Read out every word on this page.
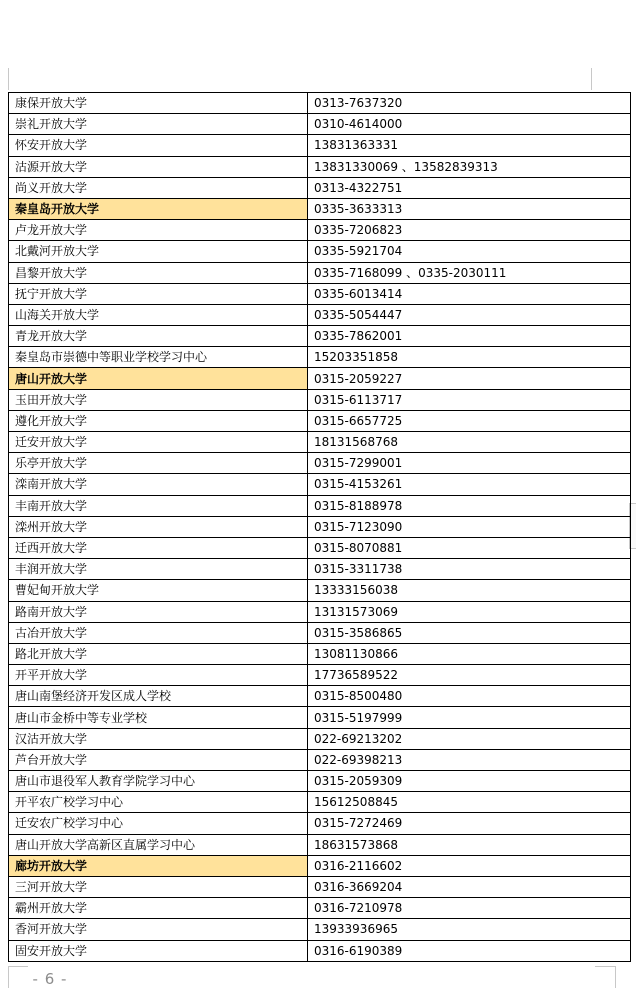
康保开放大学	0313-7637320
崇礼开放大学	0310-4614000
怀安开放大学	13831363331
沽源开放大学	13831330069 、13582839313
尚义开放大学	0313-4322751
秦皇岛开放大学	0335-3633313
卢龙开放大学	0335-7206823
北戴河开放大学	0335-5921704
昌黎开放大学	0335-7168099 、0335-2030111
抚宁开放大学	0335-6013414
山海关开放大学	0335-5054447
青龙开放大学	0335-7862001
秦皇岛市崇德中等职业学校学习中心	15203351858
唐山开放大学	0315-2059227
玉田开放大学	0315-6113717
遵化开放大学	0315-6657725
迁安开放大学	18131568768
乐亭开放大学	0315-7299001
滦南开放大学	0315-4153261
丰南开放大学	0315-8188978
滦州开放大学	0315-7123090
迁西开放大学	0315-8070881
丰润开放大学	0315-3311738
曹妃甸开放大学	13333156038
路南开放大学	13131573069
古冶开放大学	0315-3586865
路北开放大学	13081130866
开平开放大学	17736589522
唐山南堡经济开发区成人学校	0315-8500480
唐山市金桥中等专业学校	0315-5197999
汉沽开放大学	022-69213202
芦台开放大学	022-69398213
唐山市退役军人教育学院学习中心	0315-2059309
开平农广校学习中心	15612508845
迁安农广校学习中心	0315-7272469
唐山开放大学高新区直属学习中心	18631573868
廊坊开放大学	0316-2116602
三河开放大学	0316-3669204
霸州开放大学	0316-7210978
香河开放大学	13933936965
固安开放大学	0316-6190389
- 6 -
